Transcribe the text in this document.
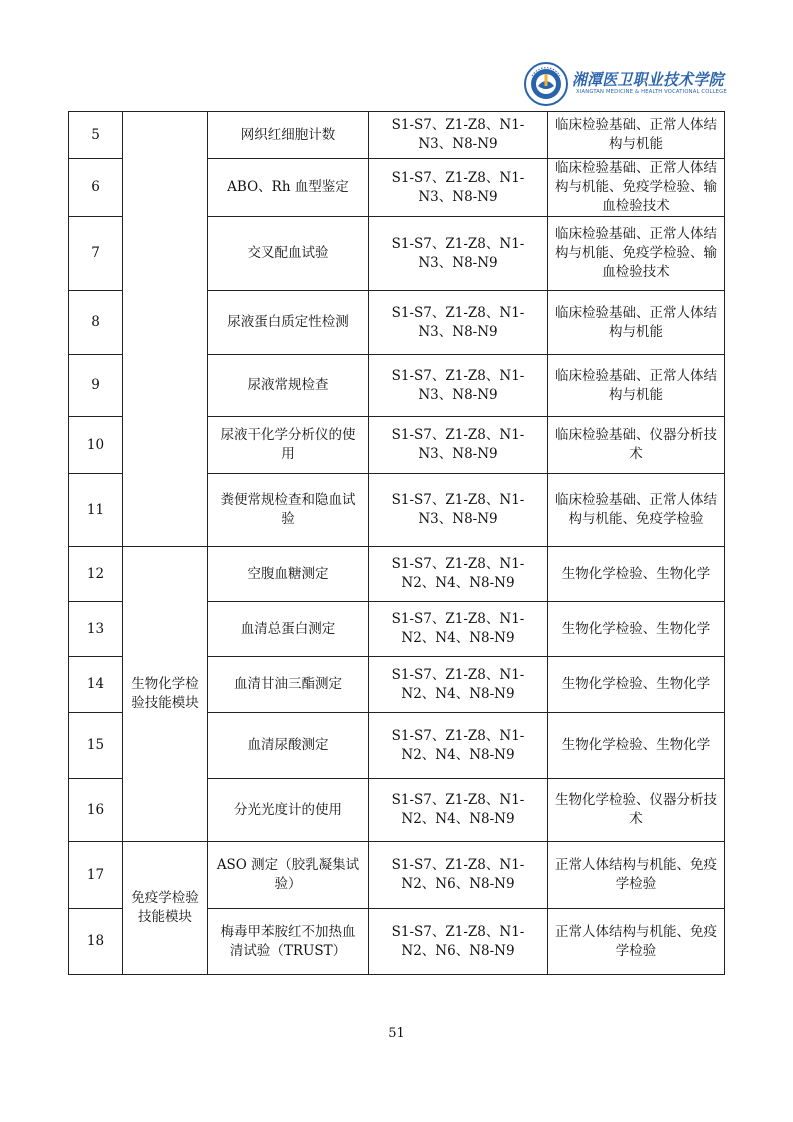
湘潭医卫职业技术学院
XIANGTAN MEDICINE & HEALTH VOCATIONAL COLLEGE
5		网织红细胞计数	S1-S7、Z1-Z8、N1-N3、N8-N9	临床检验基础、正常人体结构与机能
6		ABO、Rh 血型鉴定	S1-S7、Z1-Z8、N1-N3、N8-N9	临床检验基础、正常人体结构与机能、免疫学检验、输血检验技术
7		交叉配血试验	S1-S7、Z1-Z8、N1-N3、N8-N9	临床检验基础、正常人体结构与机能、免疫学检验、输血检验技术
8		尿液蛋白质定性检测	S1-S7、Z1-Z8、N1-N3、N8-N9	临床检验基础、正常人体结构与机能
9		尿液常规检查	S1-S7、Z1-Z8、N1-N3、N8-N9	临床检验基础、正常人体结构与机能
10		尿液干化学分析仪的使用	S1-S7、Z1-Z8、N1-N3、N8-N9	临床检验基础、仪器分析技术
11		粪便常规检查和隐血试验	S1-S7、Z1-Z8、N1-N3、N8-N9	临床检验基础、正常人体结构与机能、免疫学检验
12	生物化学检验技能模块	空腹血糖测定	S1-S7、Z1-Z8、N1-N2、N4、N8-N9	生物化学检验、生物化学
13		血清总蛋白测定	S1-S7、Z1-Z8、N1-N2、N4、N8-N9	生物化学检验、生物化学
14		血清甘油三酯测定	S1-S7、Z1-Z8、N1-N2、N4、N8-N9	生物化学检验、生物化学
15		血清尿酸测定	S1-S7、Z1-Z8、N1-N2、N4、N8-N9	生物化学检验、生物化学
16		分光光度计的使用	S1-S7、Z1-Z8、N1-N2、N4、N8-N9	生物化学检验、仪器分析技术
17	免疫学检验技能模块	ASO 测定（胶乳凝集试验）	S1-S7、Z1-Z8、N1-N2、N6、N8-N9	正常人体结构与机能、免疫学检验
18		梅毒甲苯胺红不加热血清试验（TRUST）	S1-S7、Z1-Z8、N1-N2、N6、N8-N9	正常人体结构与机能、免疫学检验
51
